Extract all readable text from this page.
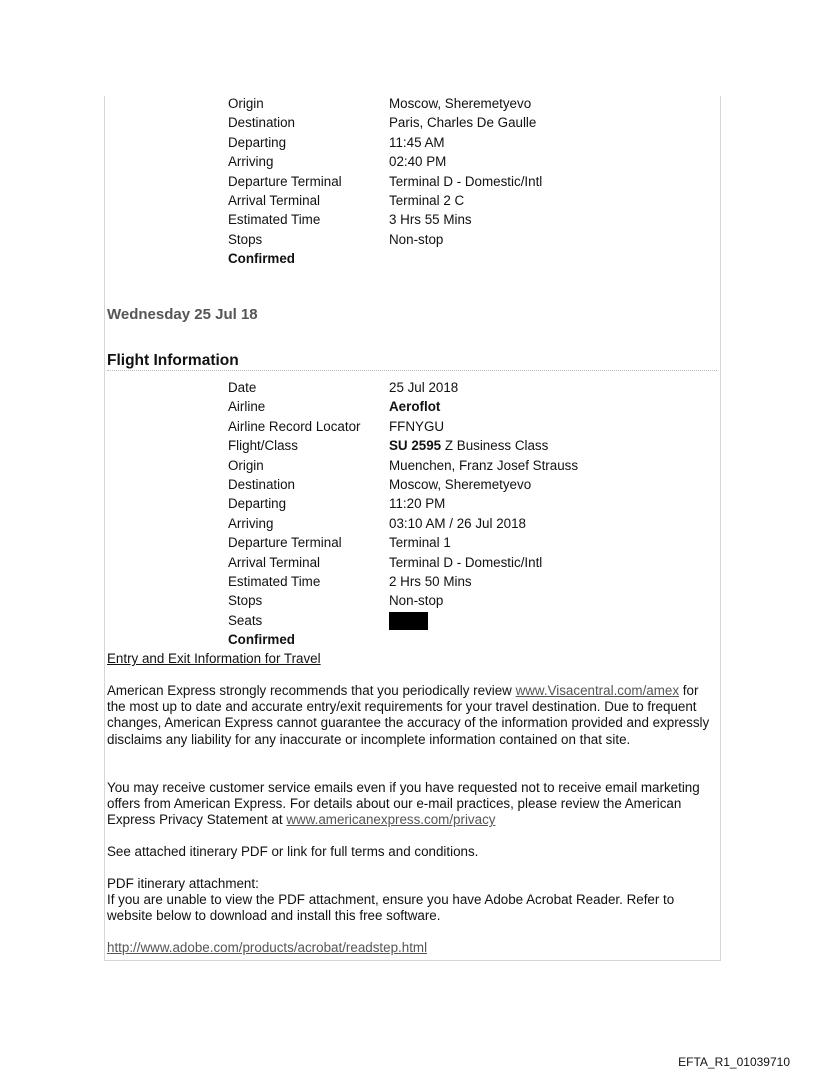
Origin	Moscow, Sheremetyevo
Destination	Paris, Charles De Gaulle
Departing	11:45 AM
Arriving	02:40 PM
Departure Terminal	Terminal D - Domestic/Intl
Arrival Terminal	Terminal 2 C
Estimated Time	3 Hrs 55 Mins
Stops	Non-stop
Confirmed
Wednesday 25 Jul 18
Flight Information
Date	25 Jul 2018
Airline	Aeroflot
Airline Record Locator FFNYGU
Flight/Class	SU 2595 Z Business Class
Origin	Muenchen, Franz Josef Strauss
Destination	Moscow, Sheremetyevo
Departing	11:20 PM
Arriving	03:10 AM / 26 Jul 2018
Departure Terminal	Terminal 1
Arrival Terminal	Terminal D - Domestic/Intl
Estimated Time	2 Hrs 50 Mins
Stops	Non-stop
Seats
Confirmed
Entry and Exit Information for Travel

American Express strongly recommends that you periodically review www.Visacentral.com/amex for the most up to date and accurate entry/exit requirements for your travel destination. Due to frequent changes, American Express cannot guarantee the accuracy of the information provided and expressly disclaims any liability for any inaccurate or incomplete information contained on that site.

You may receive customer service emails even if you have requested not to receive email marketing offers from American Express. For details about our e-mail practices, please review the American Express Privacy Statement at www.americanexpress.com/privacy

See attached itinerary PDF or link for full terms and conditions.

PDF itinerary attachment:
If you are unable to view the PDF attachment, ensure you have Adobe Acrobat Reader. Refer to website below to download and install this free software.

http://www.adobe.com/products/acrobat/readstep.html

EFTA_R1_01039710
